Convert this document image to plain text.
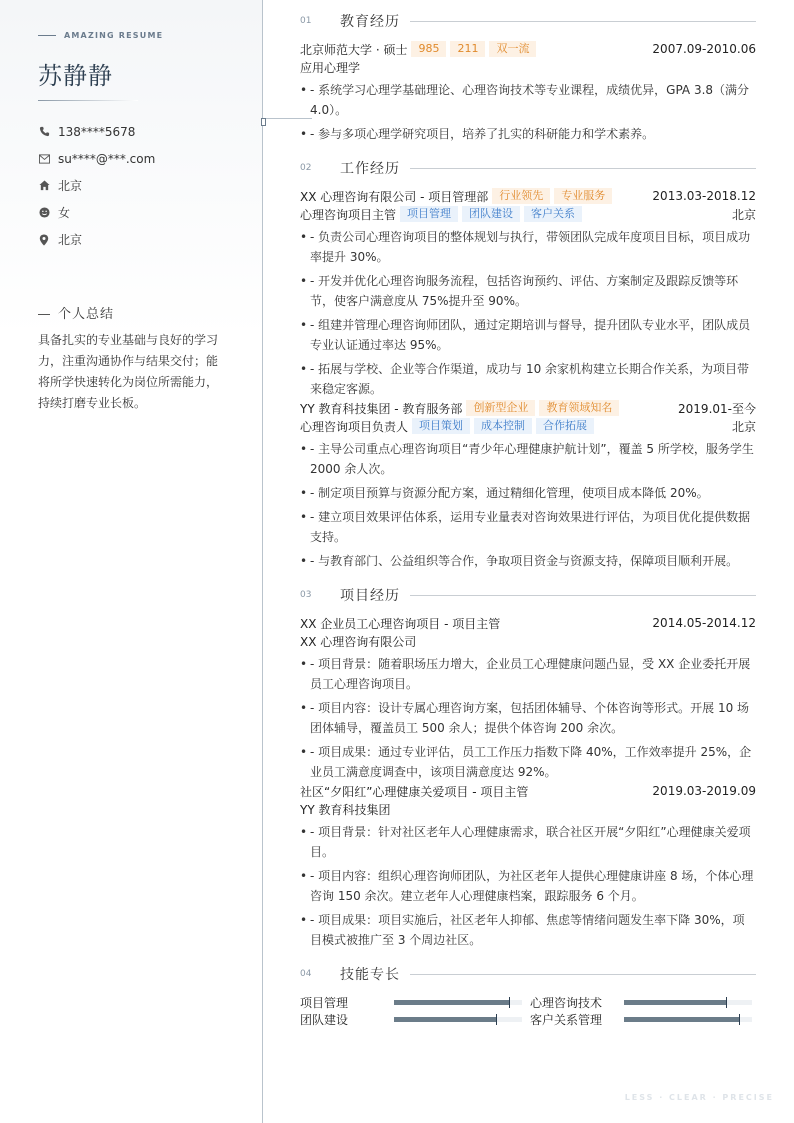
AMAZING RESUME
苏静静
138****5678
su****@***.com
北京
女
北京
个人总结
具备扎实的专业基础与良好的学习力，注重沟通协作与结果交付；能将所学快速转化为岗位所需能力，持续打磨专业长板。
01	教育经历
北京师范大学 · 硕士	985	211	双一流	2007.09-2010.06
应用心理学
• - 系统学习心理学基础理论、心理咨询技术等专业课程，成绩优异，GPA 3.8（满分 4.0）。
• - 参与多项心理学研究项目，培养了扎实的科研能力和学术素养。
02	工作经历
XX 心理咨询有限公司 - 项目管理部	行业领先	专业服务	2013.03-2018.12
心理咨询项目主管	项目管理	团队建设	客户关系	北京
• - 负责公司心理咨询项目的整体规划与执行，带领团队完成年度项目目标，项目成功率提升 30%。
• - 开发并优化心理咨询服务流程，包括咨询预约、评估、方案制定及跟踪反馈等环节，使客户满意度从 75%提升至 90%。
• - 组建并管理心理咨询师团队，通过定期培训与督导，提升团队专业水平，团队成员专业认证通过率达 95%。
• - 拓展与学校、企业等合作渠道，成功与 10 余家机构建立长期合作关系，为项目带来稳定客源。
YY 教育科技集团 - 教育服务部	创新型企业	教育领域知名	2019.01-至今
心理咨询项目负责人	项目策划	成本控制	合作拓展	北京
• - 主导公司重点心理咨询项目“青少年心理健康护航计划”，覆盖 5 所学校，服务学生 2000 余人次。
• - 制定项目预算与资源分配方案，通过精细化管理，使项目成本降低 20%。
• - 建立项目效果评估体系，运用专业量表对咨询效果进行评估，为项目优化提供数据支持。
• - 与教育部门、公益组织等合作，争取项目资金与资源支持，保障项目顺利开展。
03	项目经历
XX 企业员工心理咨询项目 - 项目主管	2014.05-2014.12
XX 心理咨询有限公司
• - 项目背景：随着职场压力增大，企业员工心理健康问题凸显，受 XX 企业委托开展员工心理咨询项目。
• - 项目内容：设计专属心理咨询方案，包括团体辅导、个体咨询等形式。开展 10 场团体辅导，覆盖员工 500 余人；提供个体咨询 200 余次。
• - 项目成果：通过专业评估，员工工作压力指数下降 40%，工作效率提升 25%，企业员工满意度调查中，该项目满意度达 92%。
社区“夕阳红”心理健康关爱项目 - 项目主管	2019.03-2019.09
YY 教育科技集团
• - 项目背景：针对社区老年人心理健康需求，联合社区开展“夕阳红”心理健康关爱项目。
• - 项目内容：组织心理咨询师团队，为社区老年人提供心理健康讲座 8 场，个体心理咨询 150 余次。建立老年人心理健康档案，跟踪服务 6 个月。
• - 项目成果：项目实施后，社区老年人抑郁、焦虑等情绪问题发生率下降 30%，项目模式被推广至 3 个周边社区。
04	技能专长
项目管理	心理咨询技术
团队建设	客户关系管理
LESS · CLEAR · PRECISE
